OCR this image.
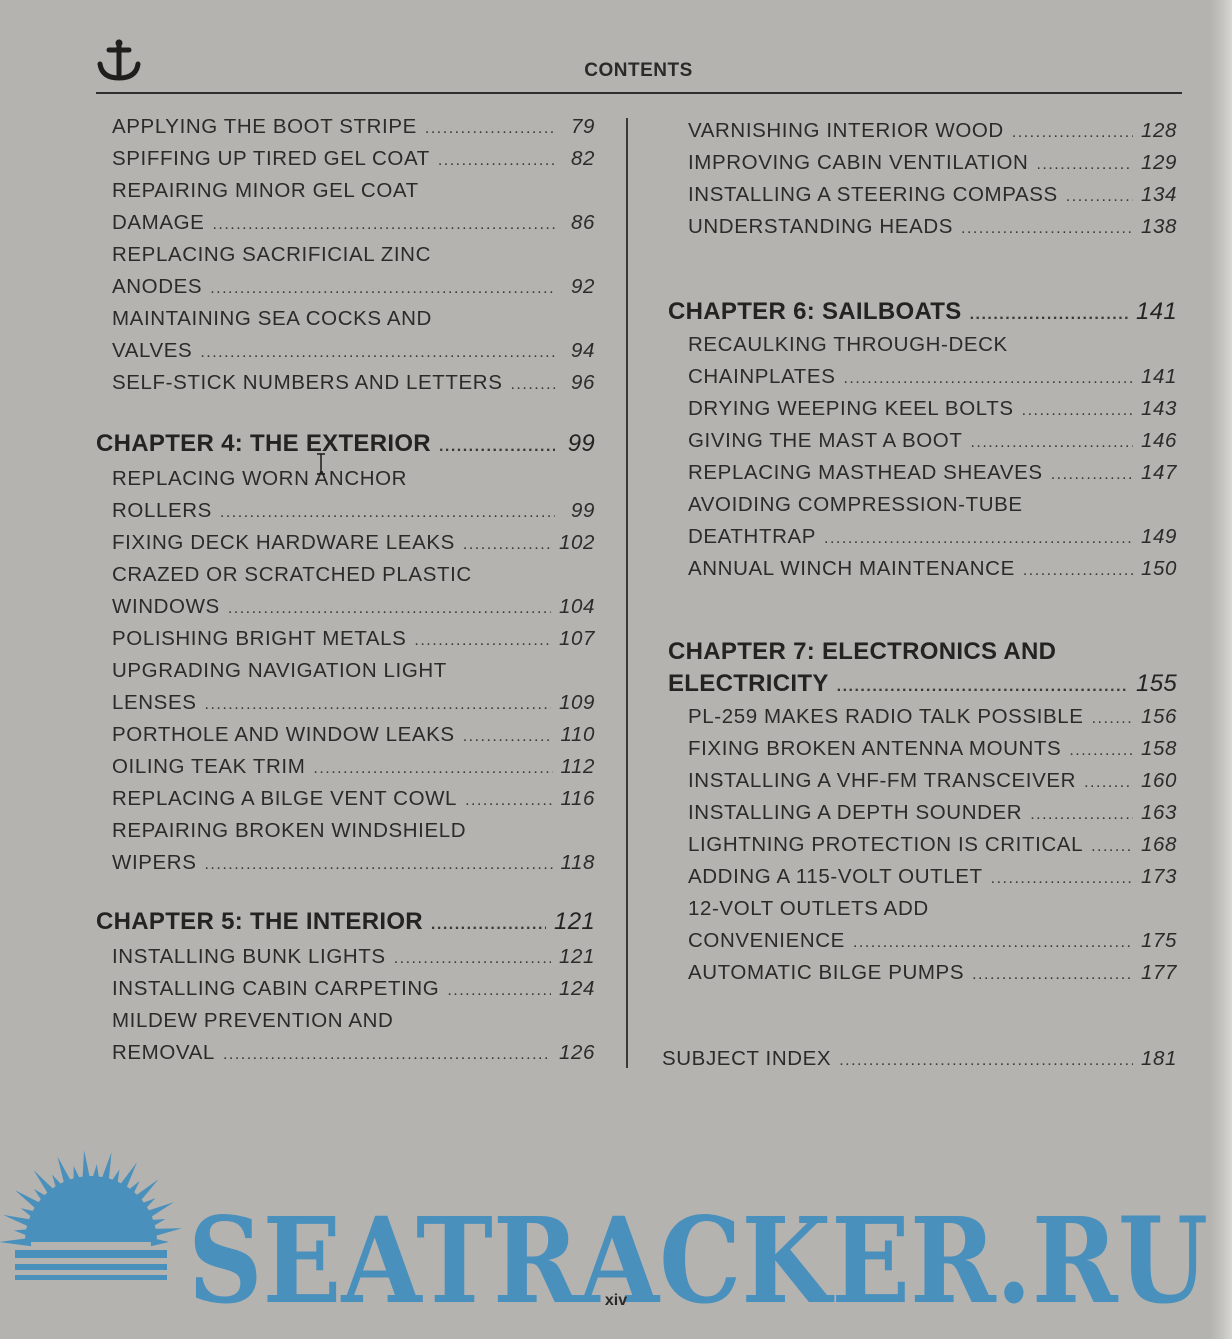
CONTENTS
APPLYING THE BOOT STRIPE .....	79
SPIFFING UP TIRED GEL COAT .....	82
REPAIRING MINOR GEL COAT
DAMAGE .....	86
REPLACING SACRIFICIAL ZINC
ANODES .....	92
MAINTAINING SEA COCKS AND
VALVES .....	94
SELF-STICK NUMBERS AND LETTERS .....	96
CHAPTER 4: THE EXTERIOR .....	99
REPLACING WORN ANCHOR
ROLLERS .....	99
FIXING DECK HARDWARE LEAKS .....	102
CRAZED OR SCRATCHED PLASTIC
WINDOWS .....	104
POLISHING BRIGHT METALS .....	107
UPGRADING NAVIGATION LIGHT
LENSES .....	109
PORTHOLE AND WINDOW LEAKS .....	110
OILING TEAK TRIM .....	112
REPLACING A BILGE VENT COWL .....	116
REPAIRING BROKEN WINDSHIELD
WIPERS .....	118
CHAPTER 5: THE INTERIOR .....	121
INSTALLING BUNK LIGHTS .....	121
INSTALLING CABIN CARPETING .....	124
MILDEW PREVENTION AND
REMOVAL .....	126
VARNISHING INTERIOR WOOD .....	128
IMPROVING CABIN VENTILATION .....	129
INSTALLING A STEERING COMPASS .....	134
UNDERSTANDING HEADS .....	138
CHAPTER 6: SAILBOATS .....	141
RECAULKING THROUGH-DECK
CHAINPLATES .....	141
DRYING WEEPING KEEL BOLTS .....	143
GIVING THE MAST A BOOT .....	146
REPLACING MASTHEAD SHEAVES .....	147
AVOIDING COMPRESSION-TUBE
DEATHTRAP .....	149
ANNUAL WINCH MAINTENANCE .....	150
CHAPTER 7: ELECTRONICS AND
ELECTRICITY .....	155
PL-259 MAKES RADIO TALK POSSIBLE .....	156
FIXING BROKEN ANTENNA MOUNTS .....	158
INSTALLING A VHF-FM TRANSCEIVER .....	160
INSTALLING A DEPTH SOUNDER .....	163
LIGHTNING PROTECTION IS CRITICAL .....	168
ADDING A 115-VOLT OUTLET .....	173
12-VOLT OUTLETS ADD
CONVENIENCE .....	175
AUTOMATIC BILGE PUMPS .....	177
SUBJECT INDEX .....	181
SEATRACKER.RU
xiv
